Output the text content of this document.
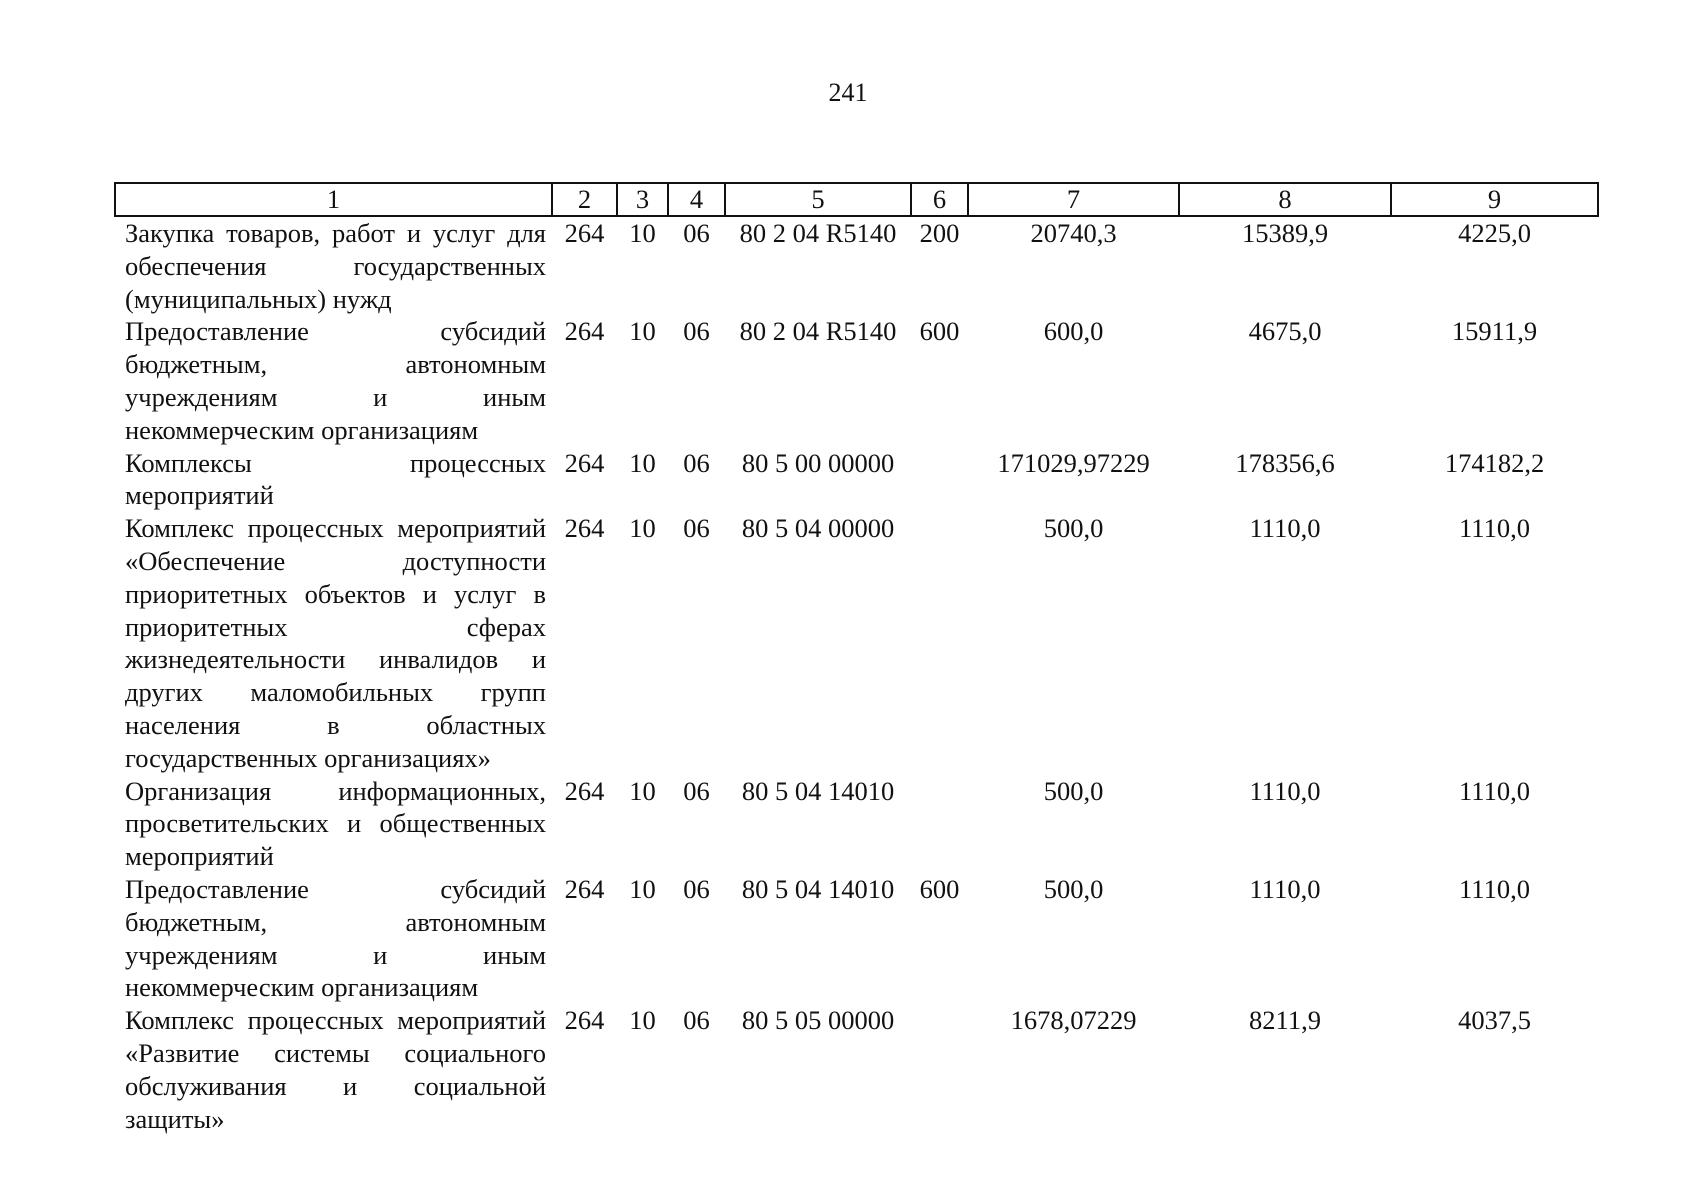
241
1	2	3	4	5	6	7	8	9
Закупка товаров, работ и услуг для обеспечения государственных (муниципальных) нужд	264	10	06	80 2 04 R5140	200	20740,3	15389,9	4225,0
Предоставление субсидий бюджетным, автономным учреждениям и иным некоммерческим организациям	264	10	06	80 2 04 R5140	600	600,0	4675,0	15911,9
Комплексы процессных мероприятий	264	10	06	80 5 00 00000		171029,97229	178356,6	174182,2
Комплекс процессных мероприятий «Обеспечение доступности приоритетных объектов и услуг в приоритетных сферах жизнедеятельности инвалидов и других маломобильных групп населения в областных государственных организациях»	264	10	06	80 5 04 00000		500,0	1110,0	1110,0
Организация информационных, просветительских и общественных мероприятий	264	10	06	80 5 04 14010		500,0	1110,0	1110,0
Предоставление субсидий бюджетным, автономным учреждениям и иным некоммерческим организациям	264	10	06	80 5 04 14010	600	500,0	1110,0	1110,0
Комплекс процессных мероприятий «Развитие системы социального обслуживания и социальной защиты»	264	10	06	80 5 05 00000		1678,07229	8211,9	4037,5
